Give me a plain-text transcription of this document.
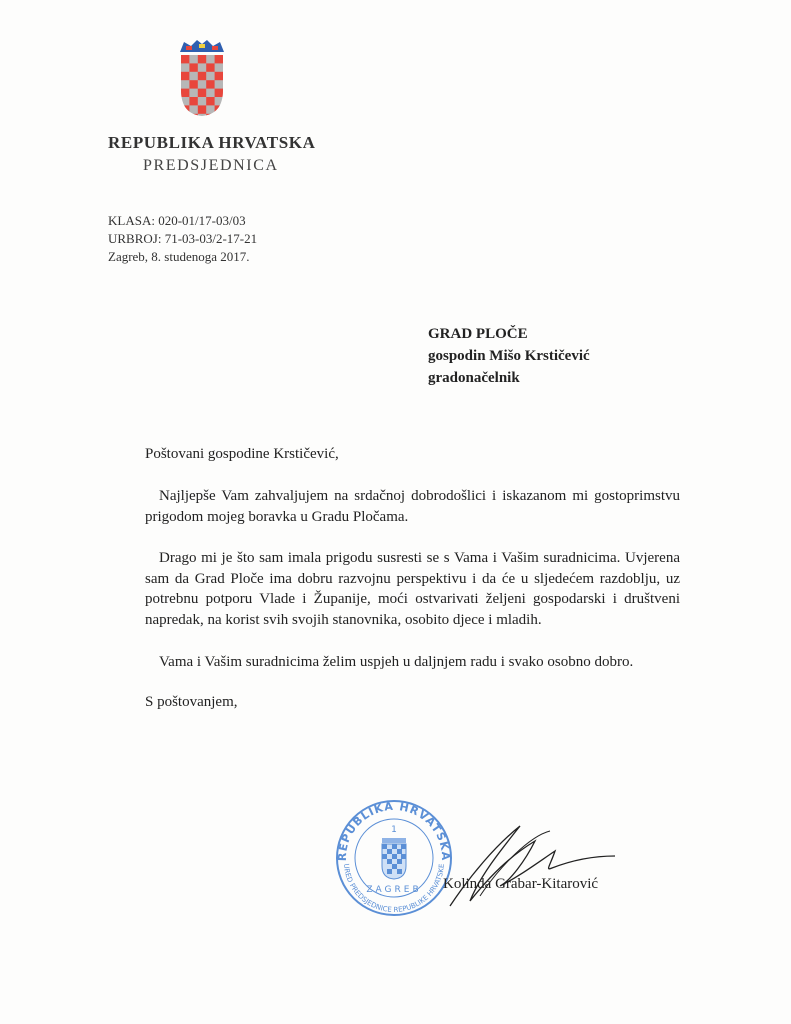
REPUBLIKA HRVATSKA
PREDSJEDNICA
KLASA: 020-01/17-03/03
URBROJ: 71-03-03/2-17-21
Zagreb, 8. studenoga 2017.
GRAD PLOČE
gospodin Mišo Krstičević
gradonačelnik
Poštovani gospodine Krstičević,
Najljepše Vam zahvaljujem na srdačnoj dobrodošlici i iskazanom mi gostoprimstvu prigodom mojeg boravka u Gradu Pločama.
Drago mi je što sam imala prigodu susresti se s Vama i Vašim suradnicima. Uvjerena sam da Grad Ploče ima dobru razvojnu perspektivu i da će u sljedećem razdoblju, uz potrebnu potporu Vlade i Županije, moći ostvarivati željeni gospodarski i društveni napredak, na korist svih svojih stanovnika, osobito djece i mladih.
Vama i Vašim suradnicima želim uspjeh u daljnjem radu i svako osobno dobro.
S poštovanjem,
REPUBLIKA HRVATSKA
URED PREDSJEDNICE REPUBLIKE HRVATSKE
1
ZAGREB Kolinda Grabar-Kitarović
